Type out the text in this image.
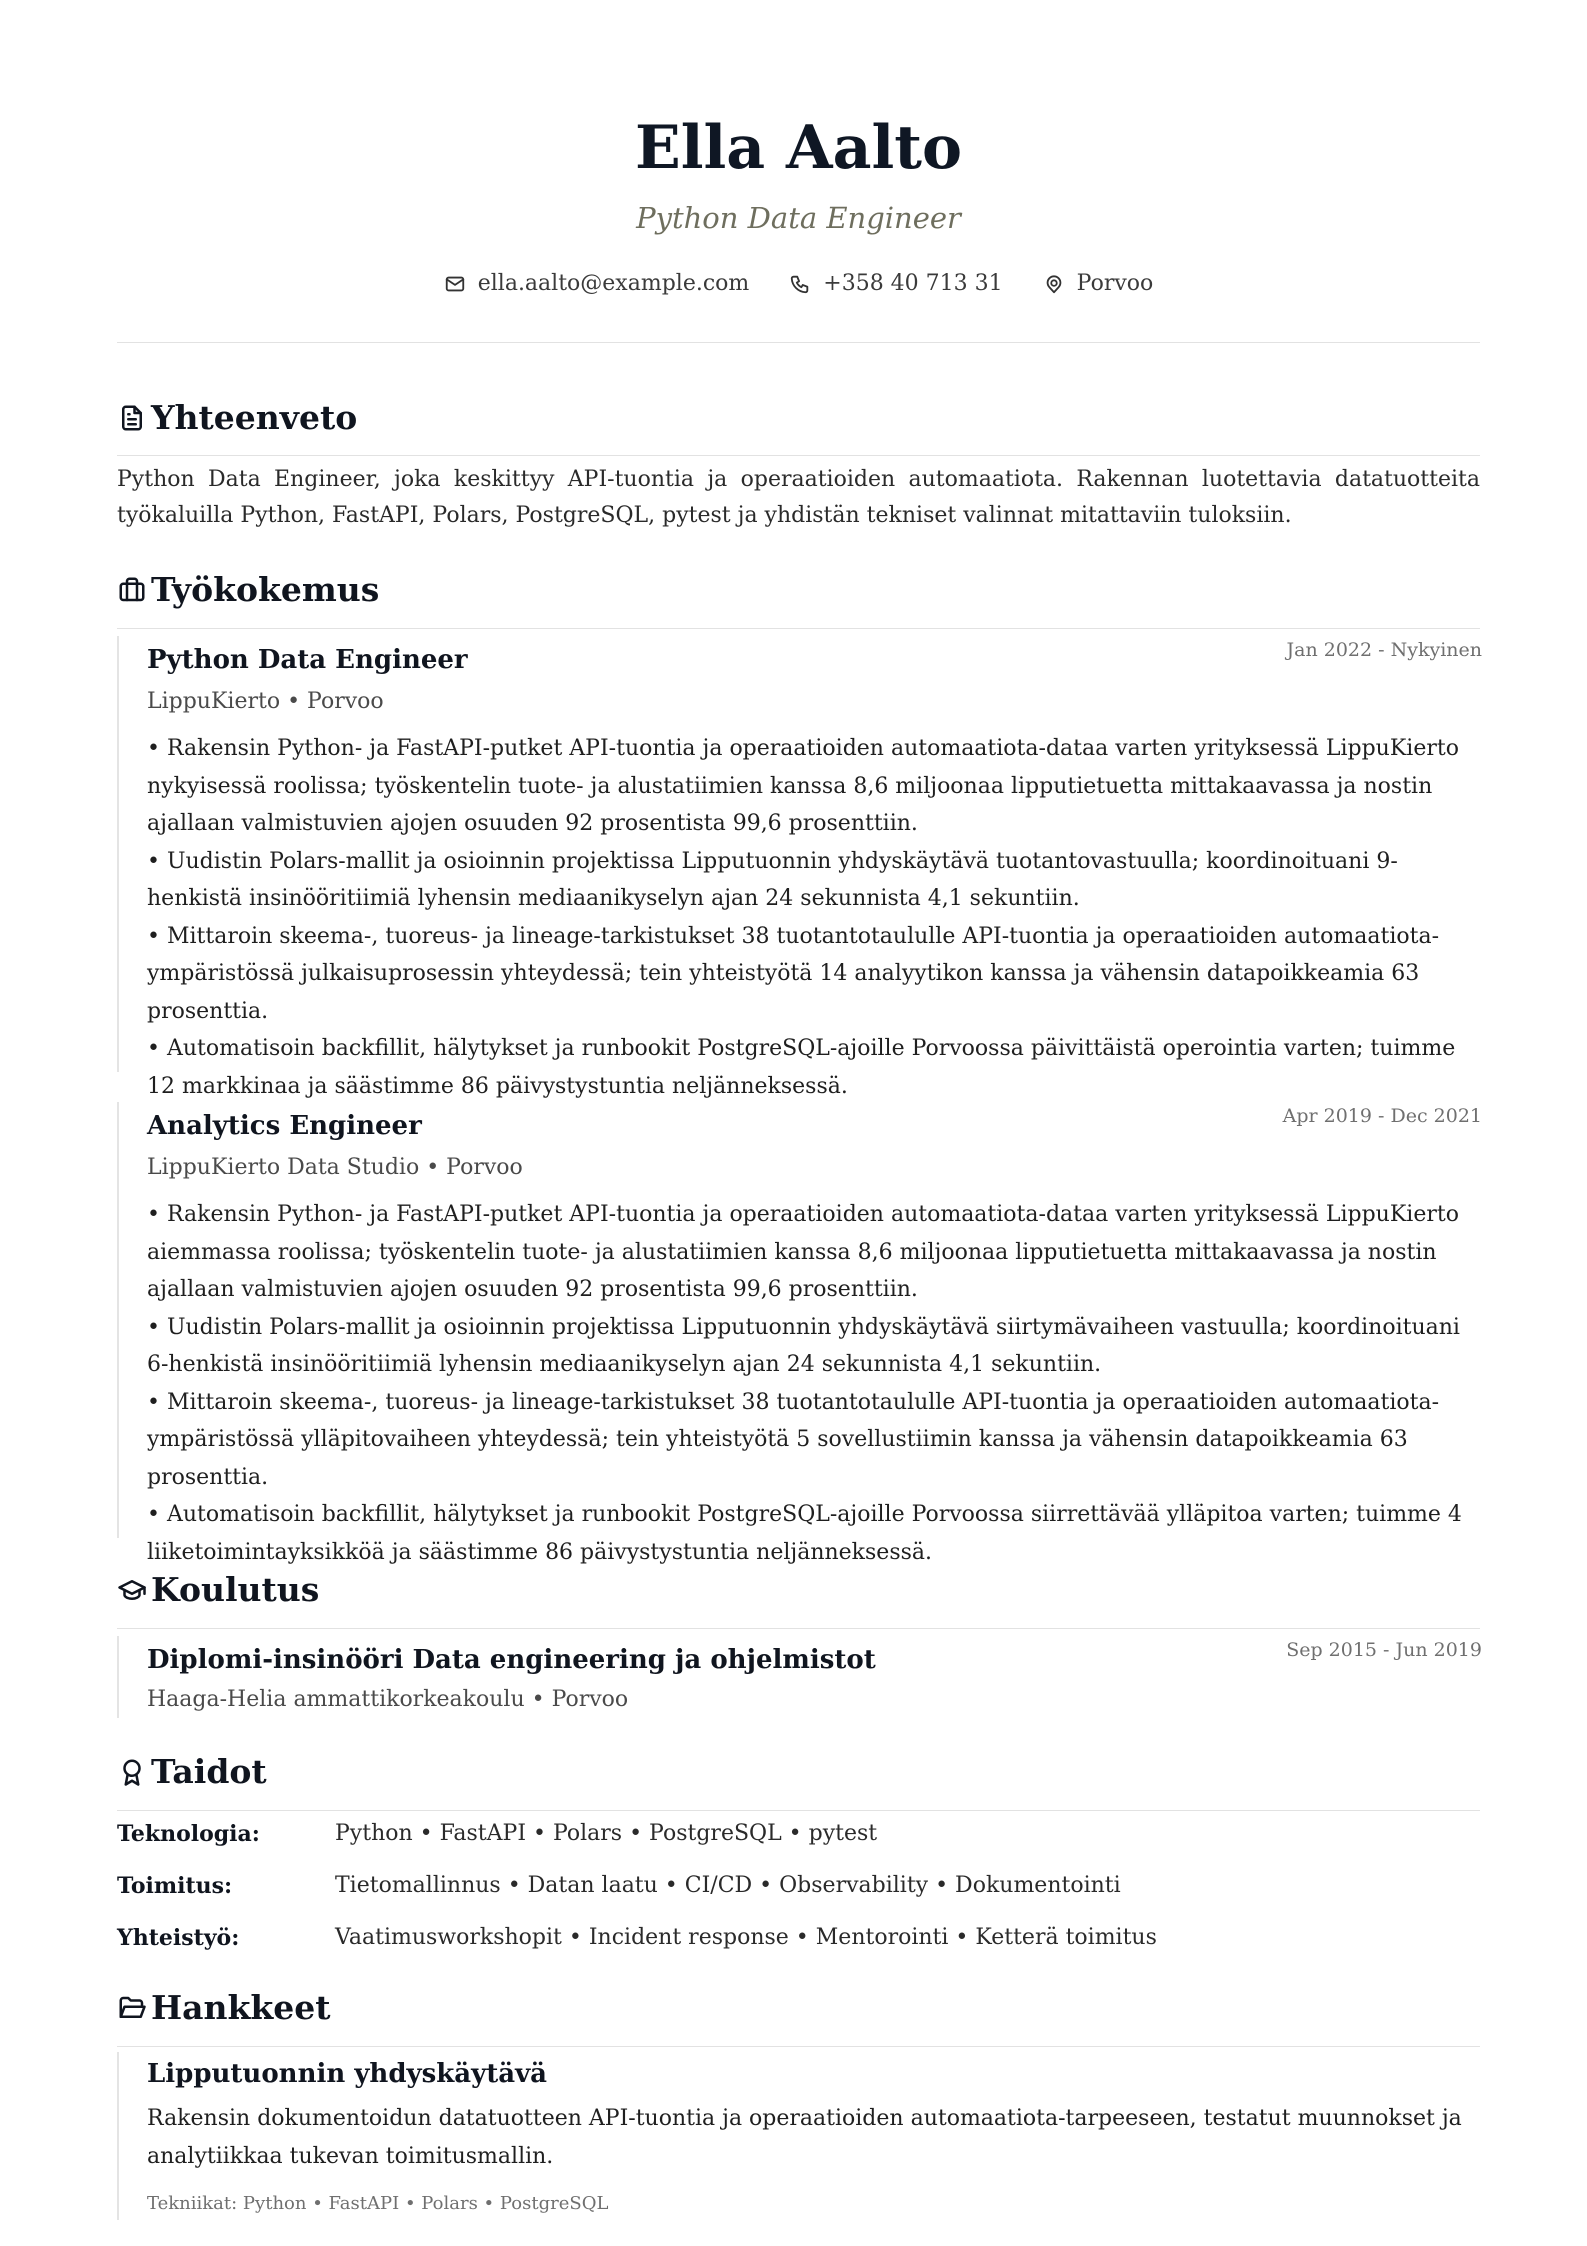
Ella Aalto
Python Data Engineer
ella.aalto@example.com	+358 40 713 31	Porvoo
Yhteenveto
Python Data Engineer, joka keskittyy API-tuontia ja operaatioiden automaatiota. Rakennan luotettavia datatuotteita työkaluilla Python, FastAPI, Polars, PostgreSQL, pytest ja yhdistän tekniset valinnat mitattaviin tuloksiin.
Työkokemus
Jan 2022 - Nykyinen
Python Data Engineer
LippuKierto • Porvoo
• Rakensin Python- ja FastAPI-putket API-tuontia ja operaatioiden automaatiota-dataa varten yrityksessä LippuKierto nykyisessä roolissa; työskentelin tuote- ja alustatiimien kanssa 8,6 miljoonaa lipputietuetta mittakaavassa ja nostin ajallaan valmistuvien ajojen osuuden 92 prosentista 99,6 prosenttiin.
• Uudistin Polars-mallit ja osioinnin projektissa Lipputuonnin yhdyskäytävä tuotantovastuulla; koordinoituani 9-henkistä insinööritiimiä lyhensin mediaanikyselyn ajan 24 sekunnista 4,1 sekuntiin.
• Mittaroin skeema-, tuoreus- ja lineage-tarkistukset 38 tuotantotaululle API-tuontia ja operaatioiden automaatiota-ympäristössä julkaisuprosessin yhteydessä; tein yhteistyötä 14 analyytikon kanssa ja vähensin datapoikkeamia 63 prosenttia.
• Automatisoin backfillit, hälytykset ja runbookit PostgreSQL-ajoille Porvoossa päivittäistä operointia varten; tuimme 12 markkinaa ja säästimme 86 päivystystuntia neljänneksessä.
Apr 2019 - Dec 2021
Analytics Engineer
LippuKierto Data Studio • Porvoo
• Rakensin Python- ja FastAPI-putket API-tuontia ja operaatioiden automaatiota-dataa varten yrityksessä LippuKierto aiemmassa roolissa; työskentelin tuote- ja alustatiimien kanssa 8,6 miljoonaa lipputietuetta mittakaavassa ja nostin ajallaan valmistuvien ajojen osuuden 92 prosentista 99,6 prosenttiin.
• Uudistin Polars-mallit ja osioinnin projektissa Lipputuonnin yhdyskäytävä siirtymävaiheen vastuulla; koordinoituani 6-henkistä insinööritiimiä lyhensin mediaanikyselyn ajan 24 sekunnista 4,1 sekuntiin.
• Mittaroin skeema-, tuoreus- ja lineage-tarkistukset 38 tuotantotaululle API-tuontia ja operaatioiden automaatiota-ympäristössä ylläpitovaiheen yhteydessä; tein yhteistyötä 5 sovellustiimin kanssa ja vähensin datapoikkeamia 63 prosenttia.
• Automatisoin backfillit, hälytykset ja runbookit PostgreSQL-ajoille Porvoossa siirrettävää ylläpitoa varten; tuimme 4 liiketoimintayksikköä ja säästimme 86 päivystystuntia neljänneksessä.
Koulutus
Sep 2015 - Jun 2019
Diplomi-insinööri Data engineering ja ohjelmistot
Haaga-Helia ammattikorkeakoulu • Porvoo
Taidot
Teknologia:	Python • FastAPI • Polars • PostgreSQL • pytest
Toimitus:	Tietomallinnus • Datan laatu • CI/CD • Observability • Dokumentointi
Yhteistyö:	Vaatimusworkshopit • Incident response • Mentorointi • Ketterä toimitus
Hankkeet
Lipputuonnin yhdyskäytävä
Rakensin dokumentoidun datatuotteen API-tuontia ja operaatioiden automaatiota-tarpeeseen, testatut muunnokset ja analytiikkaa tukevan toimitusmallin.
Tekniikat: Python • FastAPI • Polars • PostgreSQL
